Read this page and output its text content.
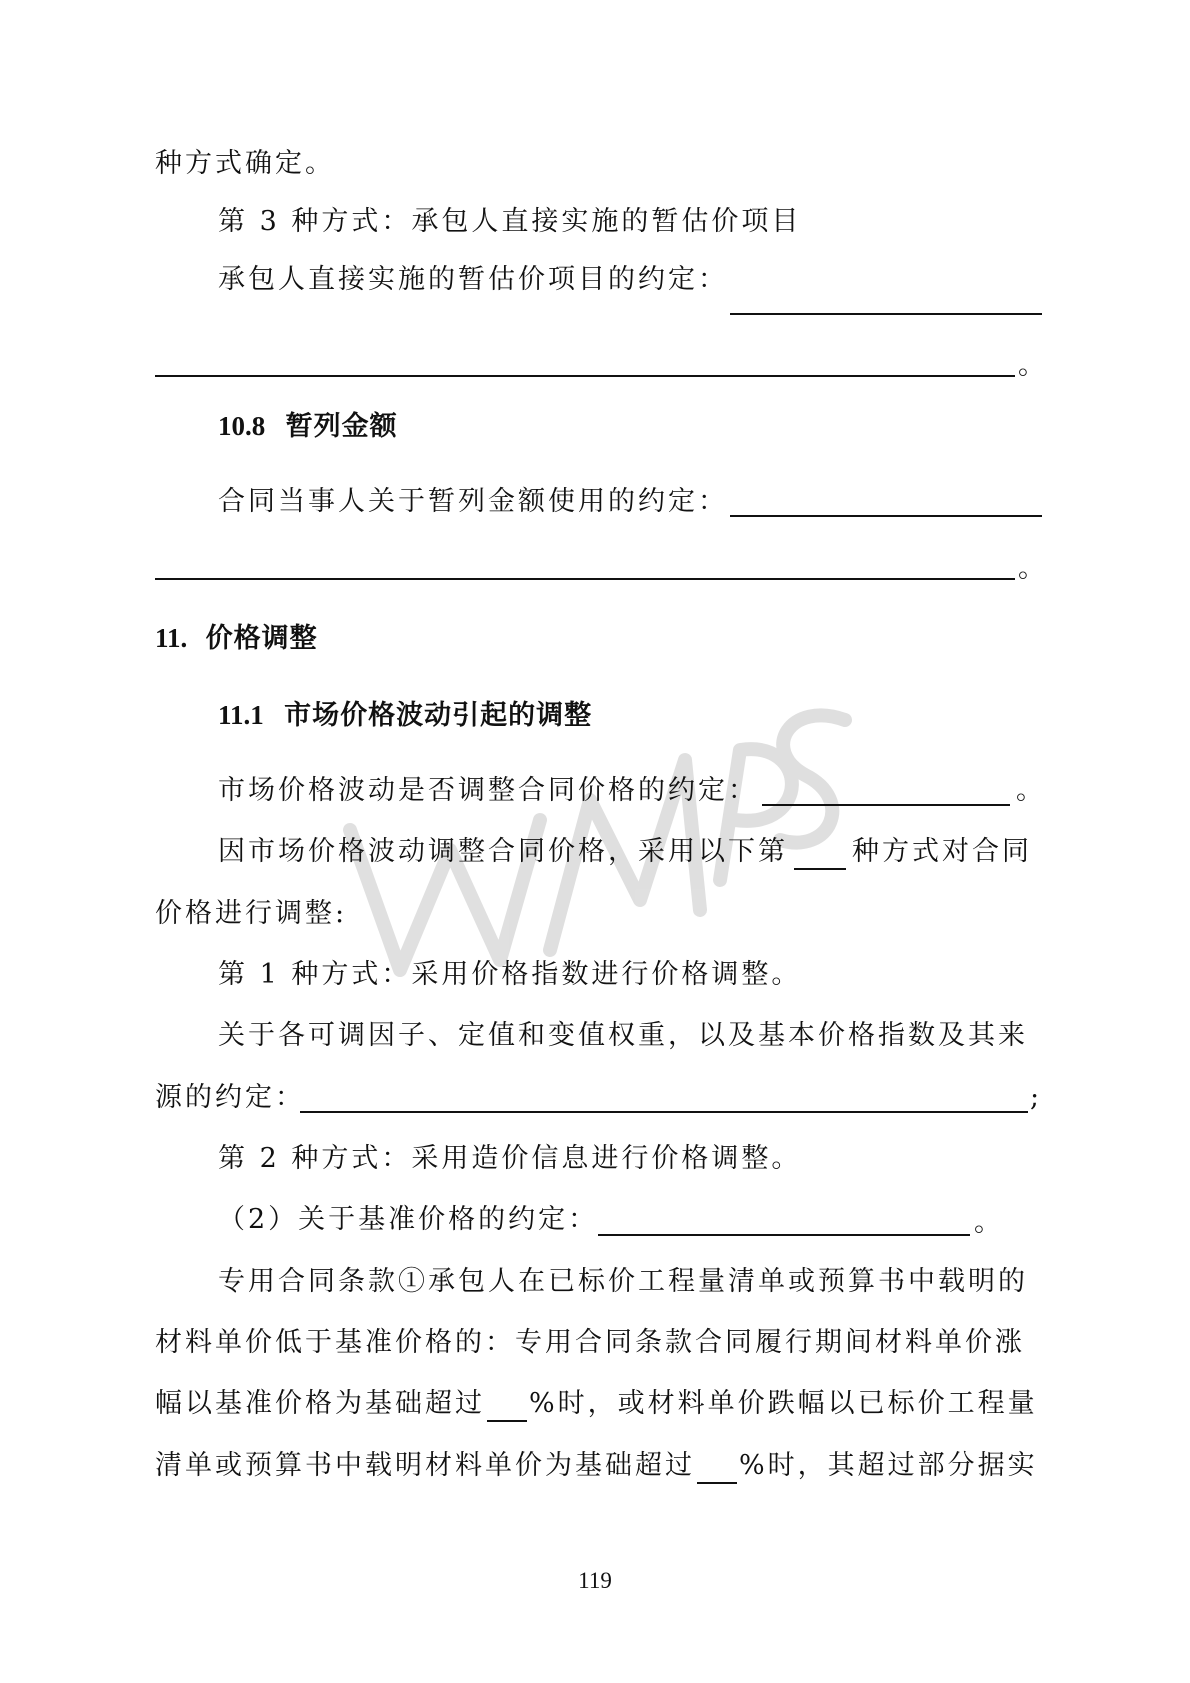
种方式确定。
第 3 种方式：承包人直接实施的暂估价项目
承包人直接实施的暂估价项目的约定：
。
10.8 暂列金额
合同当事人关于暂列金额使用的约定：
。
11. 价格调整
11.1 市场价格波动引起的调整
市场价格波动是否调整合同价格的约定：	。
因市场价格波动调整合同价格，采用以下第 种方式对合同
价格进行调整:
第 1 种方式：采用价格指数进行价格调整。
关于各可调因子、定值和变值权重，以及基本价格指数及其来
源的约定：	;
第 2 种方式：采用造价信息进行价格调整。
（2）关于基准价格的约定：	。
专用合同条款①承包人在已标价工程量清单或预算书中载明的
材料单价低于基准价格的：专用合同条款合同履行期间材料单价涨
幅以基准价格为基础超过 %时，或材料单价跌幅以已标价工程量
清单或预算书中载明材料单价为基础超过 %时，其超过部分据实
119
